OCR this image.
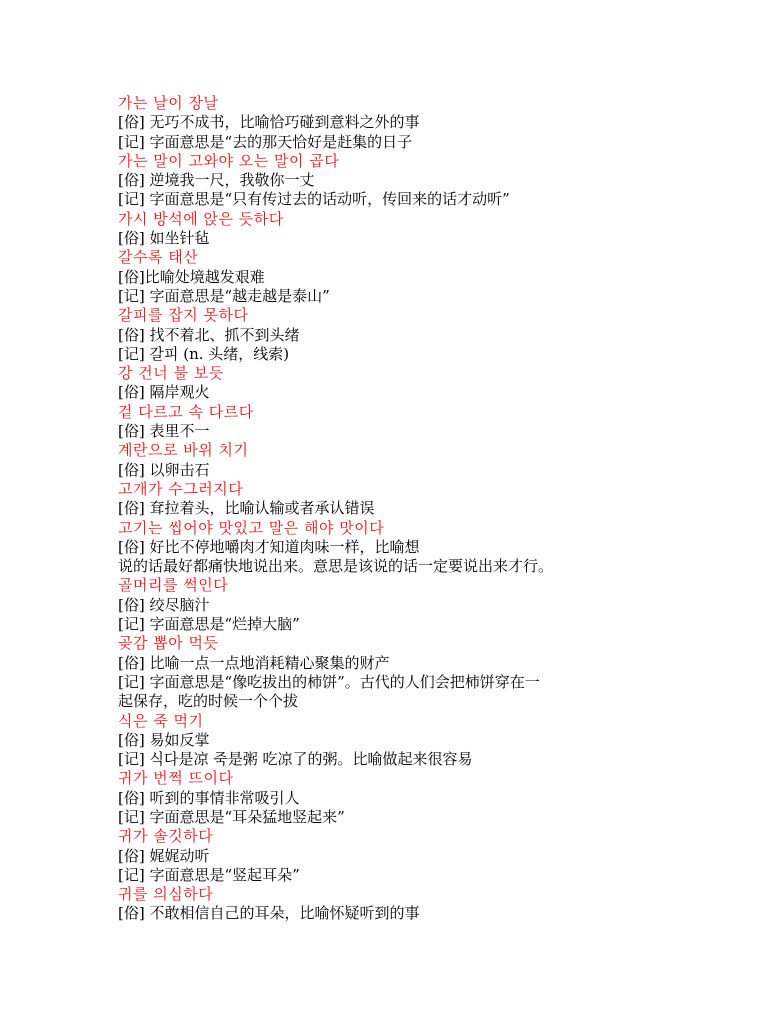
가는 날이 장날
[俗] 无巧不成书，比喻恰巧碰到意料之外的事
[记] 字面意思是“去的那天恰好是赶集的日子
가는 말이 고와야 오는 말이 곱다
[俗] 逆境我一尺，我敬你一丈
[记] 字面意思是“只有传过去的话动听，传回来的话才动听”
가시 방석에 앉은 듯하다
[俗] 如坐针毡
갈수록 태산
[俗]比喻处境越发艰难
[记] 字面意思是“越走越是泰山”
갈피를 잡지 못하다
[俗] 找不着北、抓不到头绪
[记] 갈피 (n. 头绪，线索)
강 건너 불 보듯
[俗] 隔岸观火
겉 다르고 속 다르다
[俗] 表里不一
계란으로 바위 치기
[俗] 以卵击石
고개가 수그러지다
[俗] 耷拉着头，比喻认输或者承认错误
고기는 씹어야 맛있고 말은 해야 맛이다
[俗] 好比不停地嚼肉才知道肉味一样，比喻想
说的话最好都痛快地说出来。意思是该说的话一定要说出来才行。
골머리를 썩인다
[俗] 绞尽脑汁
[记] 字面意思是“烂掉大脑”
곶감 뽑아 먹듯
[俗] 比喻一点一点地消耗精心聚集的财产
[记] 字面意思是“像吃拔出的柿饼”。古代的人们会把柿饼穿在一
起保存，吃的时候一个个拔
식은 죽 먹기
[俗] 易如反掌
[记] 식다是凉 죽是粥 吃凉了的粥。比喻做起来很容易
귀가 번쩍 뜨이다
[俗] 听到的事情非常吸引人
[记] 字面意思是“耳朵猛地竖起来”
귀가 솔깃하다
[俗] 娓娓动听
[记] 字面意思是“竖起耳朵”
귀를 의심하다
[俗] 不敢相信自己的耳朵，比喻怀疑听到的事
